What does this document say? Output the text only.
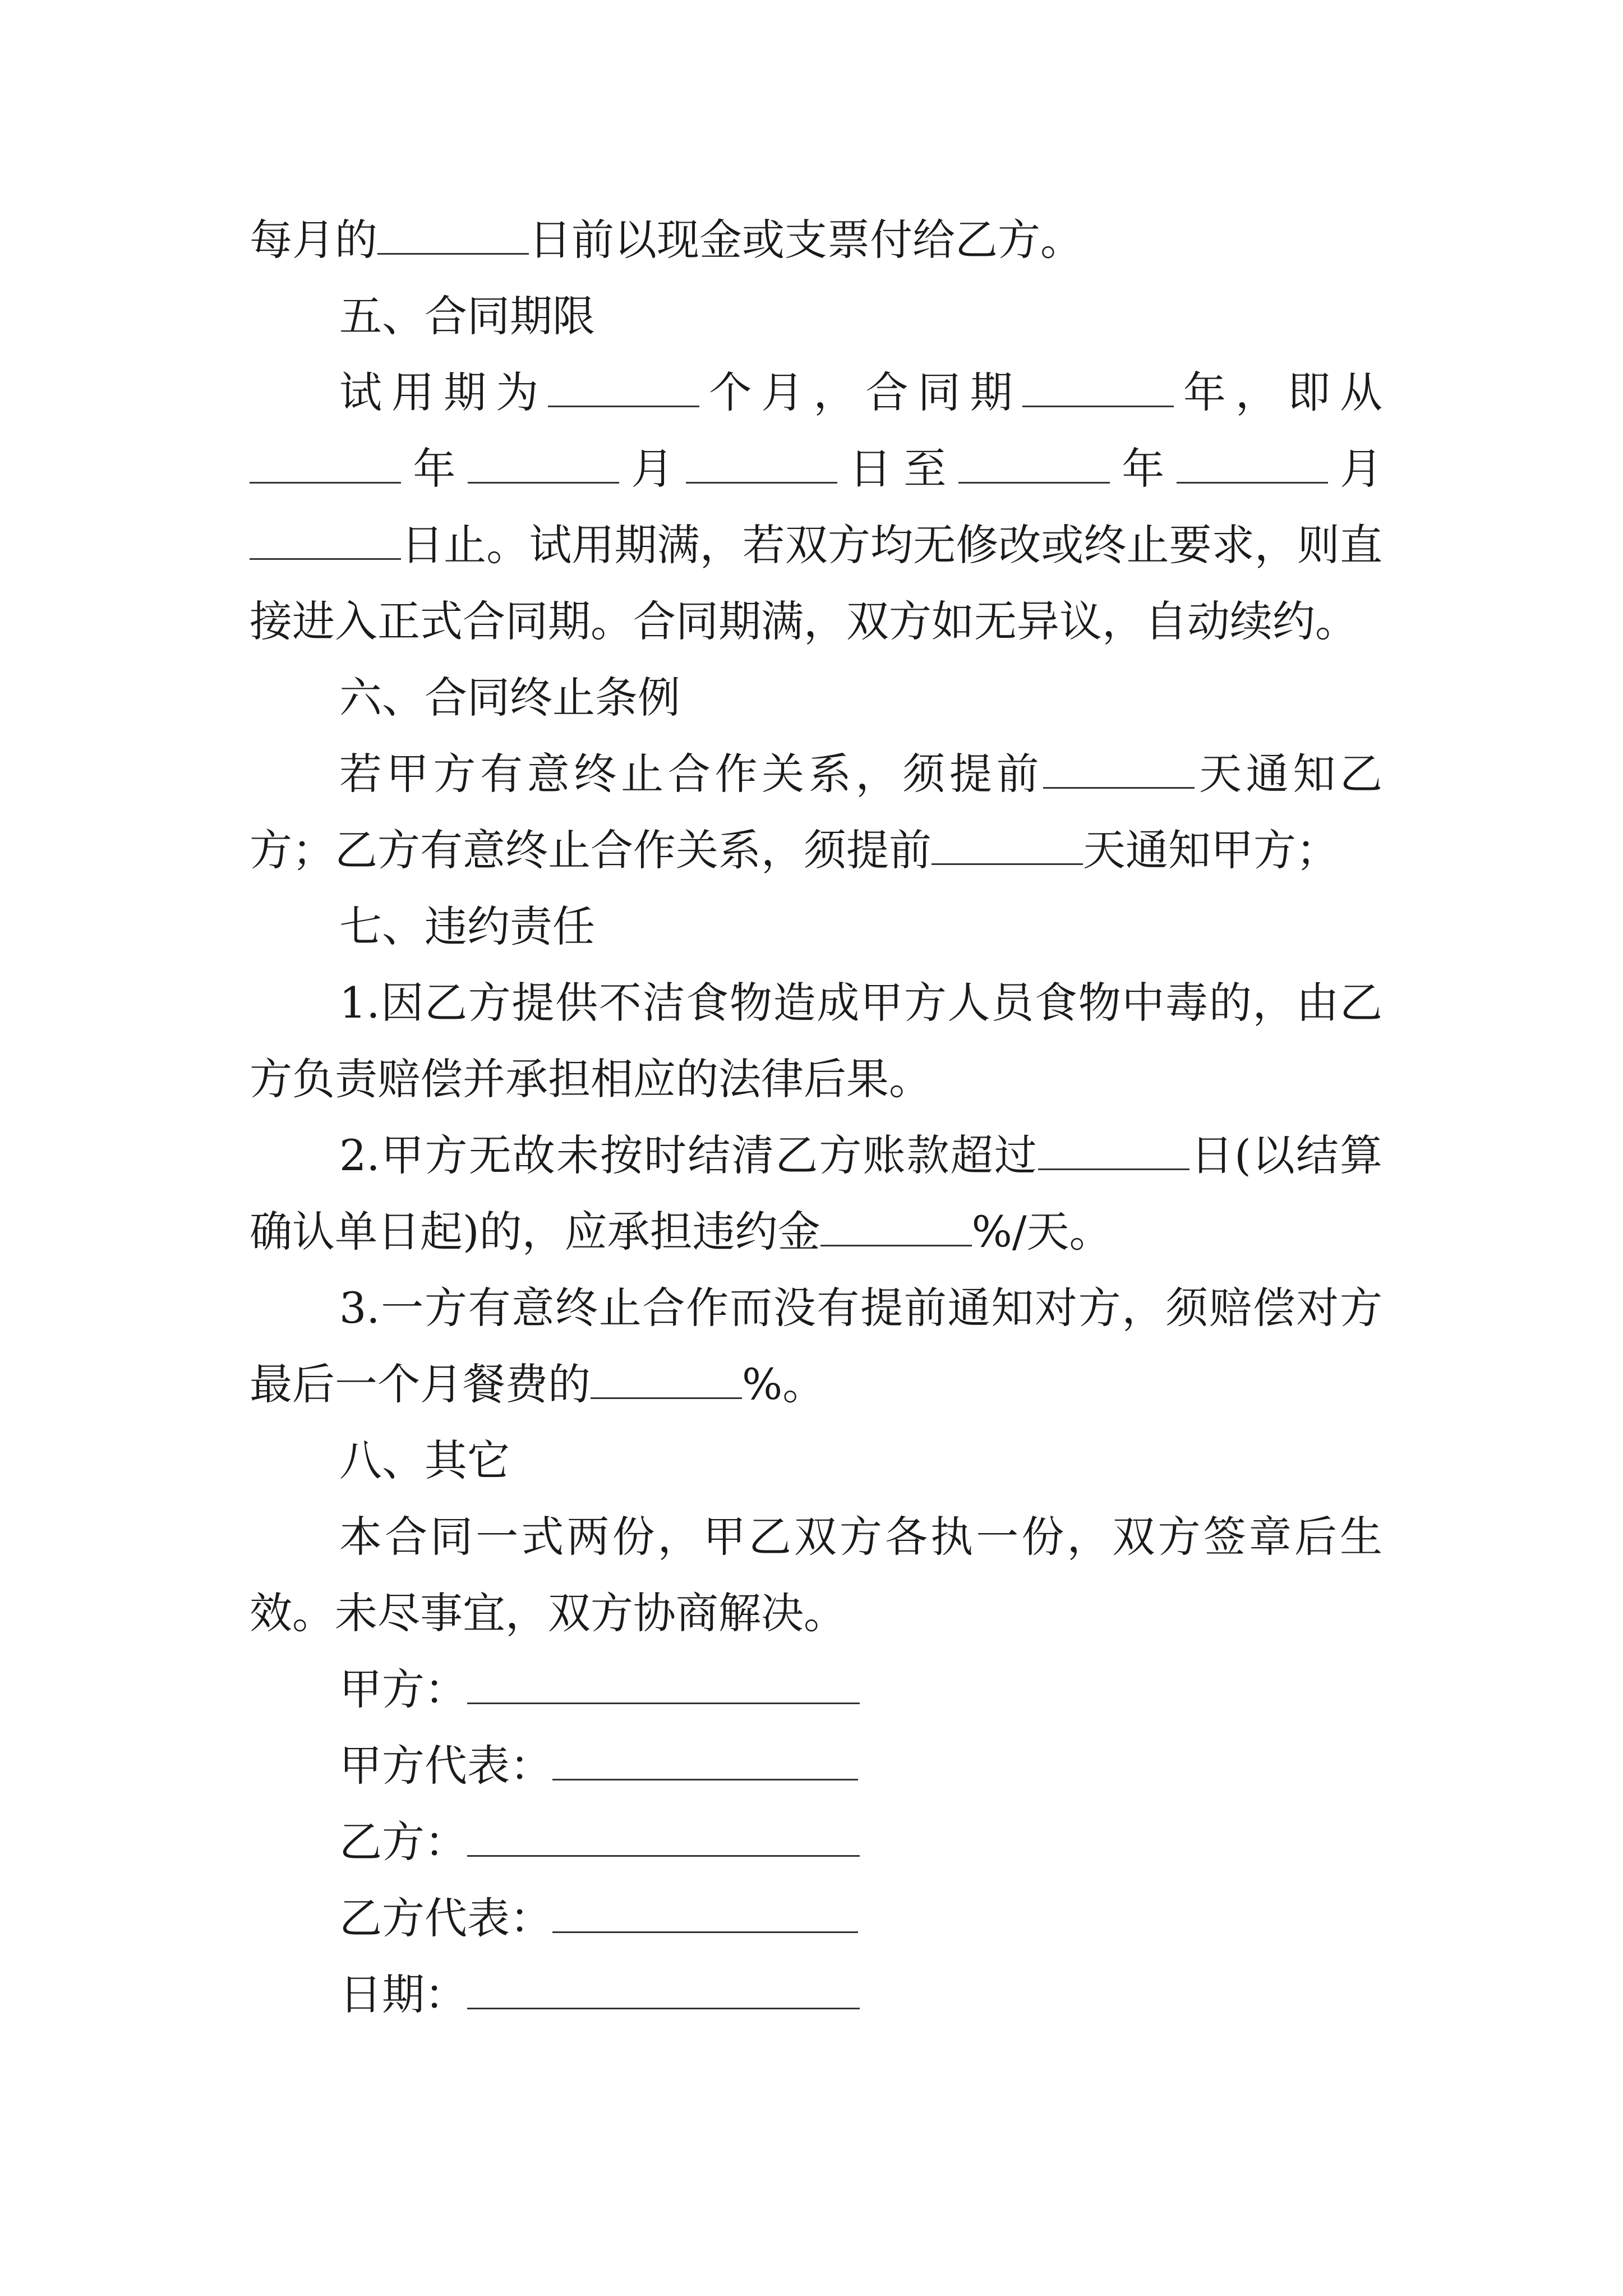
每月的	日前以现金或支票付给乙方。

五、合同期限

试用期为	个月，合同期	年，即从年	月	日至	年	月日止。试用期满，若双方均无修改或终止要求，则直接进入正式合同期。合同期满，双方如无异议，自动续约。

六、合同终止条例

若甲方有意终止合作关系，须提前	天通知乙方；乙方有意终止合作关系，须提前	天通知甲方；

七、违约责任

1.因乙方提供不洁食物造成甲方人员食物中毒的，由乙方负责赔偿并承担相应的法律后果。

2.甲方无故未按时结清乙方账款超过	日(以结算确认单日起)的，应承担违约金	%/天。

3.一方有意终止合作而没有提前通知对方，须赔偿对方最后一个月餐费的	%。

八、其它

本合同一式两份，甲乙双方各执一份，双方签章后生效。未尽事宜，双方协商解决。

甲方：
甲方代表：
乙方：
乙方代表：
日期：
